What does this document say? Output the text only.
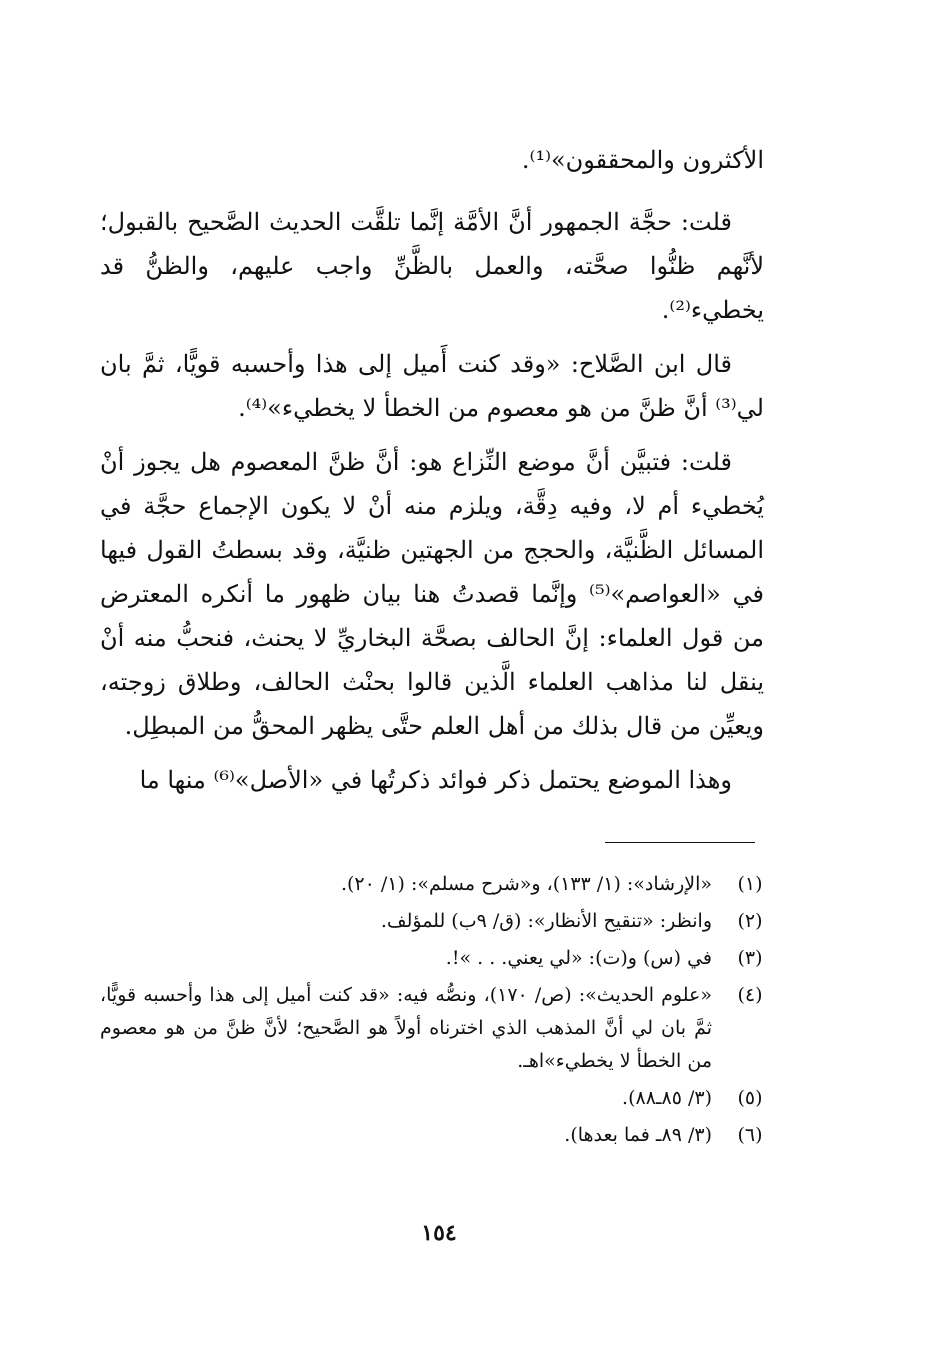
الأكثرون والمحققون»⁽¹⁾.

قلت: حجَّة الجمهور أنَّ الأمَّة إنَّما تلقَّت الحديث الصَّحيح بالقبول؛ لأنَّهم ظنُّوا صحَّته، والعمل بالظَّنِّ واجب عليهم، والظنُّ قد يخطيء⁽²⁾.

قال ابن الصَّلاح: «وقد كنت أَميل إلى هذا وأحسبه قويًّا، ثمَّ بان لي⁽³⁾ أنَّ ظنَّ من هو معصوم من الخطأ لا يخطيء»⁽⁴⁾.

قلت: فتبيَّن أنَّ موضع النِّزاع هو: أنَّ ظنَّ المعصوم هل يجوز أنْ يُخطيء أم لا، وفيه دِقَّة، ويلزم منه أنْ لا يكون الإجماع حجَّة في المسائل الظَّنيَّة، والحجج من الجهتين ظنيَّة، وقد بسطتُ القول فيها في «العواصم»⁽⁵⁾ وإنَّما قصدتُ هنا بيان ظهور ما أنكره المعترض من قول العلماء: إنَّ الحالف بصحَّة البخاريِّ لا يحنث، فنحبُّ منه أنْ ينقل لنا مذاهب العلماء الَّذين قالوا بحنْث الحالف، وطلاق زوجته، ويعيِّن من قال بذلك من أهل العلم حتَّى يظهر المحقُّ من المبطِل.

وهذا الموضع يحتمل ذكر فوائد ذكرتُها في «الأصل»⁽⁶⁾ منها ما

(١)
«الإرشاد»: (١/ ١٣٣)، و«شرح مسلم»: (١/ ٢٠).
(٢)
وانظر: «تنقيح الأنظار»: (ق/ ٩ب) للمؤلف.
(٣)
في (س) و(ت): «لي يعني. . . »!.
(٤)
«علوم الحديث»: (ص/ ١٧٠)، ونصُّه فيه: «قد كنت أميل إلى هذا وأحسبه قويًّا، ثمَّ بان لي أنَّ المذهب الذي اخترناه أولاً هو الصَّحيح؛ لأنَّ ظنَّ من هو معصوم من الخطأ لا يخطيء»اهـ.
(٥)
(٣/ ٨٥ـ٨٨).
(٦)
(٣/ ٨٩ـ فما بعدها).
١٥٤
